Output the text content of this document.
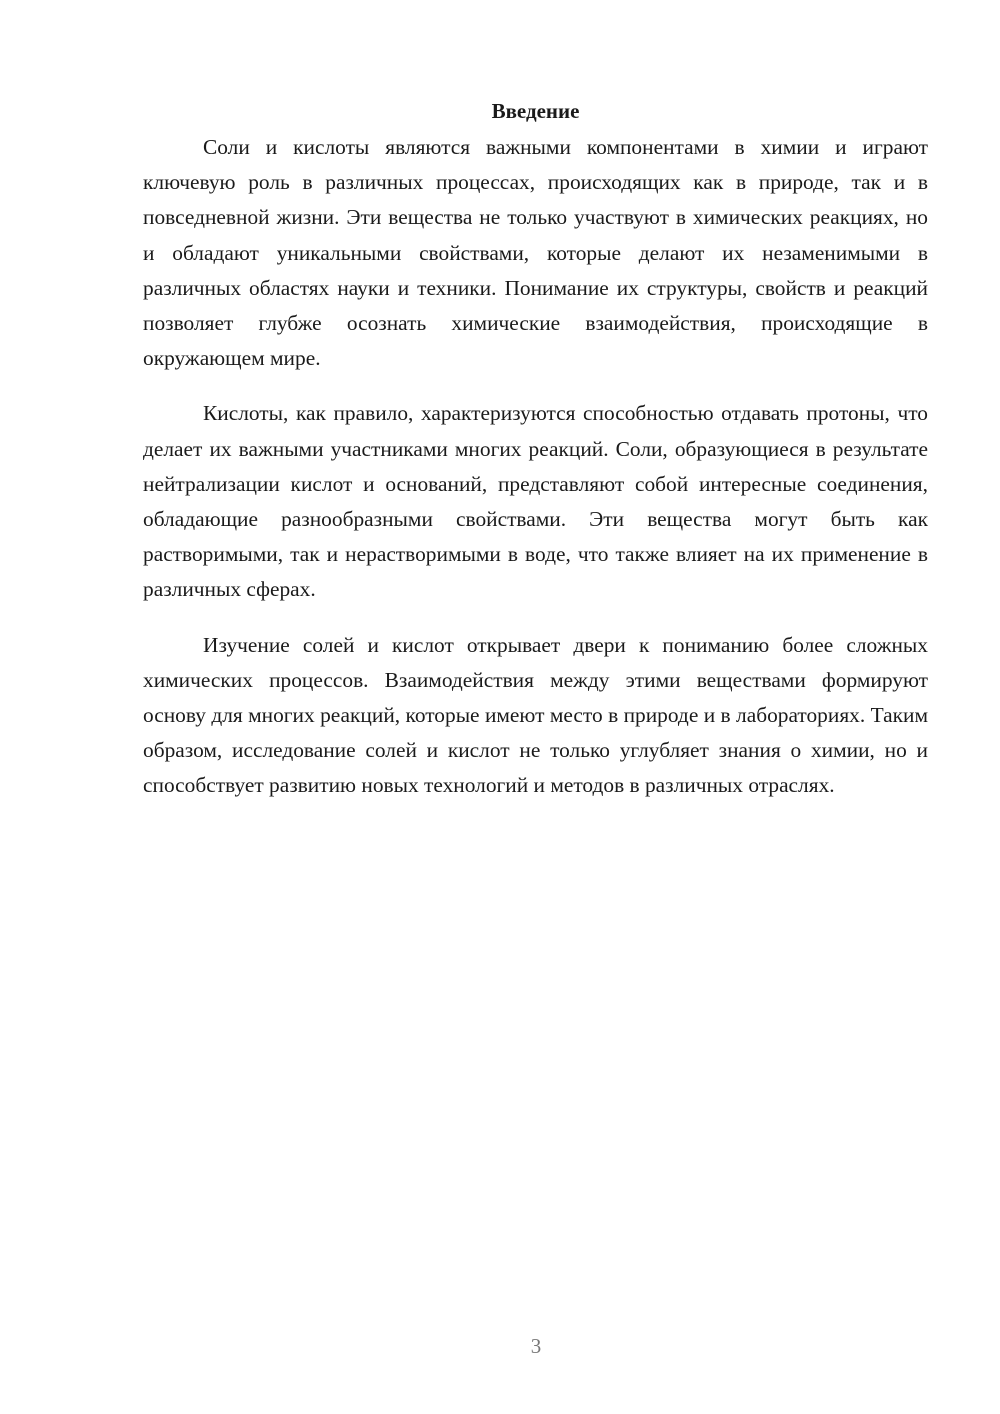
Введение

Соли и кислоты являются важными компонентами в химии и играют ключевую роль в различных процессах, происходящих как в природе, так и в повседневной жизни. Эти вещества не только участвуют в химических реакциях, но и обладают уникальными свойствами, которые делают их незаменимыми в различных областях науки и техники. Понимание их структуры, свойств и реакций позволяет глубже осознать химические взаимодействия, происходящие в окружающем мире.

Кислоты, как правило, характеризуются способностью отдавать протоны, что делает их важными участниками многих реакций. Соли, образующиеся в результате нейтрализации кислот и оснований, представляют собой интересные соединения, обладающие разнообразными свойствами. Эти вещества могут быть как растворимыми, так и нерастворимыми в воде, что также влияет на их применение в различных сферах.

Изучение солей и кислот открывает двери к пониманию более сложных химических процессов. Взаимодействия между этими веществами формируют основу для многих реакций, которые имеют место в природе и в лабораториях. Таким образом, исследование солей и кислот не только углубляет знания о химии, но и способствует развитию новых технологий и методов в различных отраслях.

3
